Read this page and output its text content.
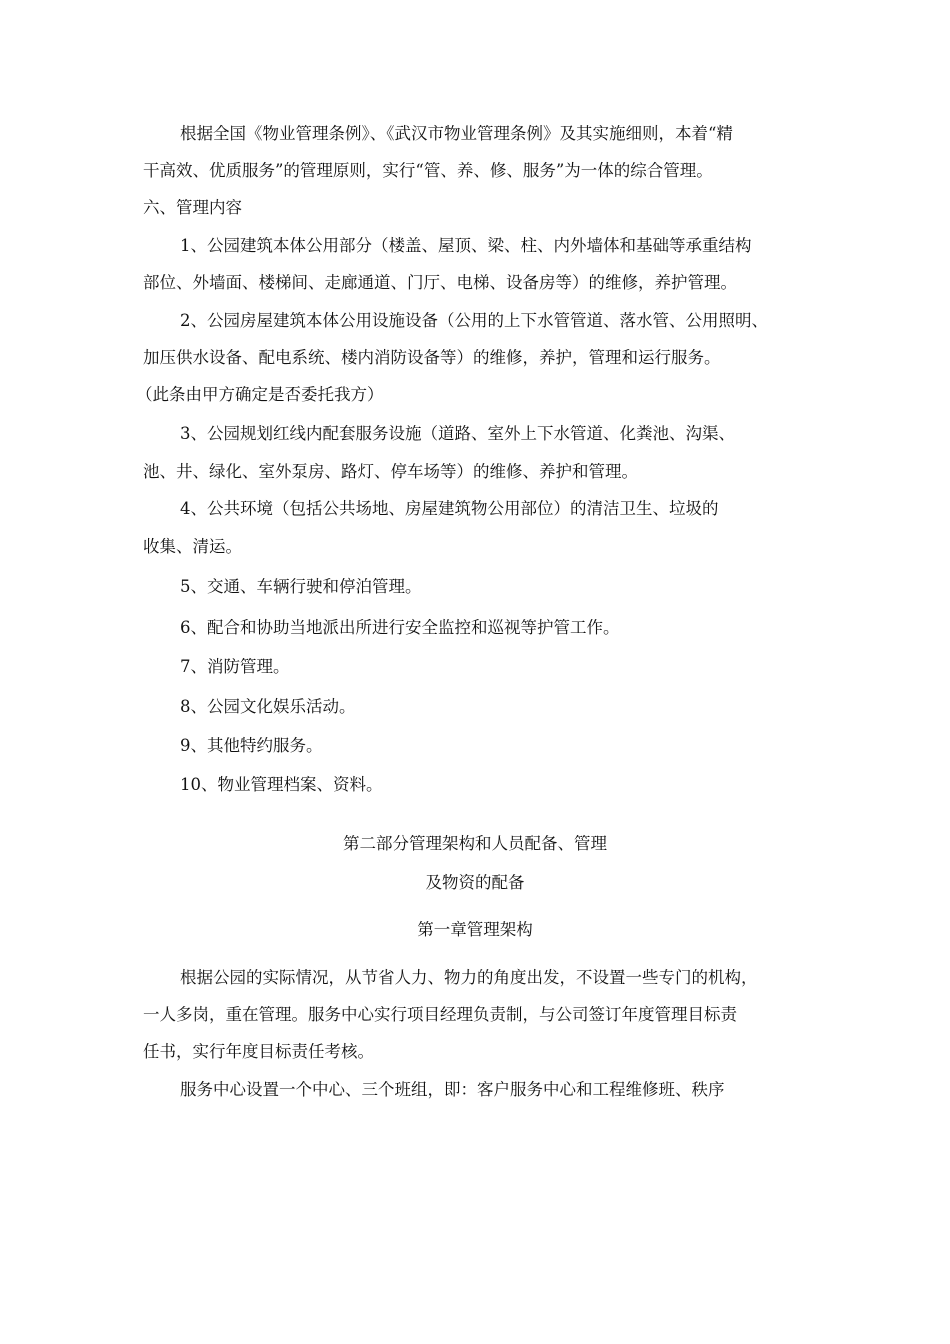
根据全国《物业管理条例》、《武汉市物业管理条例》及其实施细则，本着“精
干高效、优质服务”的管理原则，实行“管、养、修、服务”为一体的综合管理。
六、管理内容
1、公园建筑本体公用部分（楼盖、屋顶、梁、柱、内外墙体和基础等承重结构
部位、外墙面、楼梯间、走廊通道、门厅、电梯、设备房等）的维修，养护管理。
2、公园房屋建筑本体公用设施设备（公用的上下水管管道、落水管、公用照明、
加压供水设备、配电系统、楼内消防设备等）的维修，养护，管理和运行服务。
（此条由甲方确定是否委托我方）
3、公园规划红线内配套服务设施（道路、室外上下水管道、化粪池、沟渠、
池、井、绿化、室外泵房、路灯、停车场等）的维修、养护和管理。
4、公共环境（包括公共场地、房屋建筑物公用部位）的清洁卫生、垃圾的
收集、清运。
5、交通、车辆行驶和停泊管理。
6、配合和协助当地派出所进行安全监控和巡视等护管工作。
7、消防管理。
8、公园文化娱乐活动。
9、其他特约服务。
10、物业管理档案、资料。
第二部分管理架构和人员配备、管理
及物资的配备
第一章管理架构
根据公园的实际情况，从节省人力、物力的角度出发，不设置一些专门的机构，
一人多岗，重在管理。服务中心实行项目经理负责制，与公司签订年度管理目标责
任书，实行年度目标责任考核。
服务中心设置一个中心、三个班组，即：客户服务中心和工程维修班、秩序
